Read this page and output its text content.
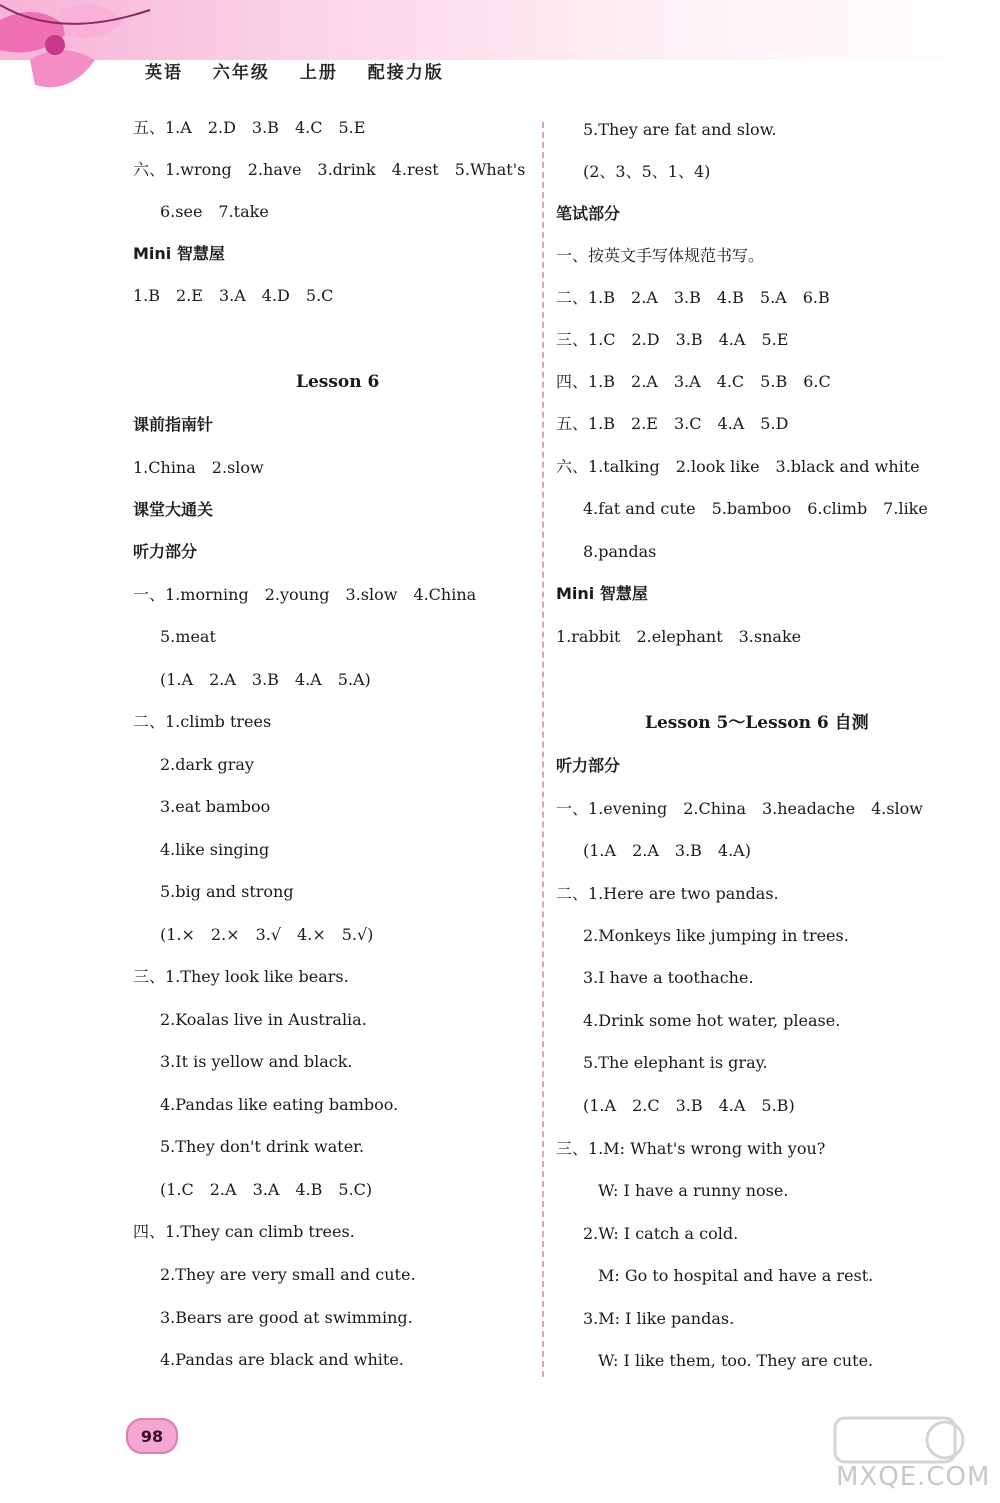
英语 六年级 上册 配接力版
五、1.A　2.D　3.B　4.C　5.E
六、1.wrong　2.have　3.drink　4.rest　5.What's
6.see　7.take
Mini 智慧屋
1.B　2.E　3.A　4.D　5.C
Lesson 6
课前指南针
1.China　2.slow
课堂大通关
听力部分
一、1.morning　2.young　3.slow　4.China
5.meat
(1.A　2.A　3.B　4.A　5.A)
二、1.climb trees
2.dark gray
3.eat bamboo
4.like singing
5.big and strong
(1.×　2.×　3.√　4.×　5.√)
三、1.They look like bears.
2.Koalas live in Australia.
3.It is yellow and black.
4.Pandas like eating bamboo.
5.They don't drink water.
(1.C　2.A　3.A　4.B　5.C)
四、1.They can climb trees.
2.They are very small and cute.
3.Bears are good at swimming.
4.Pandas are black and white.
5.They are fat and slow.
(2、3、5、1、4)
笔试部分
一、按英文手写体规范书写。
二、1.B　2.A　3.B　4.B　5.A　6.B
三、1.C　2.D　3.B　4.A　5.E
四、1.B　2.A　3.A　4.C　5.B　6.C
五、1.B　2.E　3.C　4.A　5.D
六、1.talking　2.look like　3.black and white
4.fat and cute　5.bamboo　6.climb　7.like
8.pandas
Mini 智慧屋
1.rabbit　2.elephant　3.snake
Lesson 5～Lesson 6 自测
听力部分
一、1.evening　2.China　3.headache　4.slow
(1.A　2.A　3.B　4.A)
二、1.Here are two pandas.
2.Monkeys like jumping in trees.
3.I have a toothache.
4.Drink some hot water, please.
5.The elephant is gray.
(1.A　2.C　3.B　4.A　5.B)
三、1.M: What's wrong with you?
W: I have a runny nose.
2.W: I catch a cold.
M: Go to hospital and have a rest.
3.M: I like pandas.
W: I like them, too. They are cute.
98
MXQE.COM
